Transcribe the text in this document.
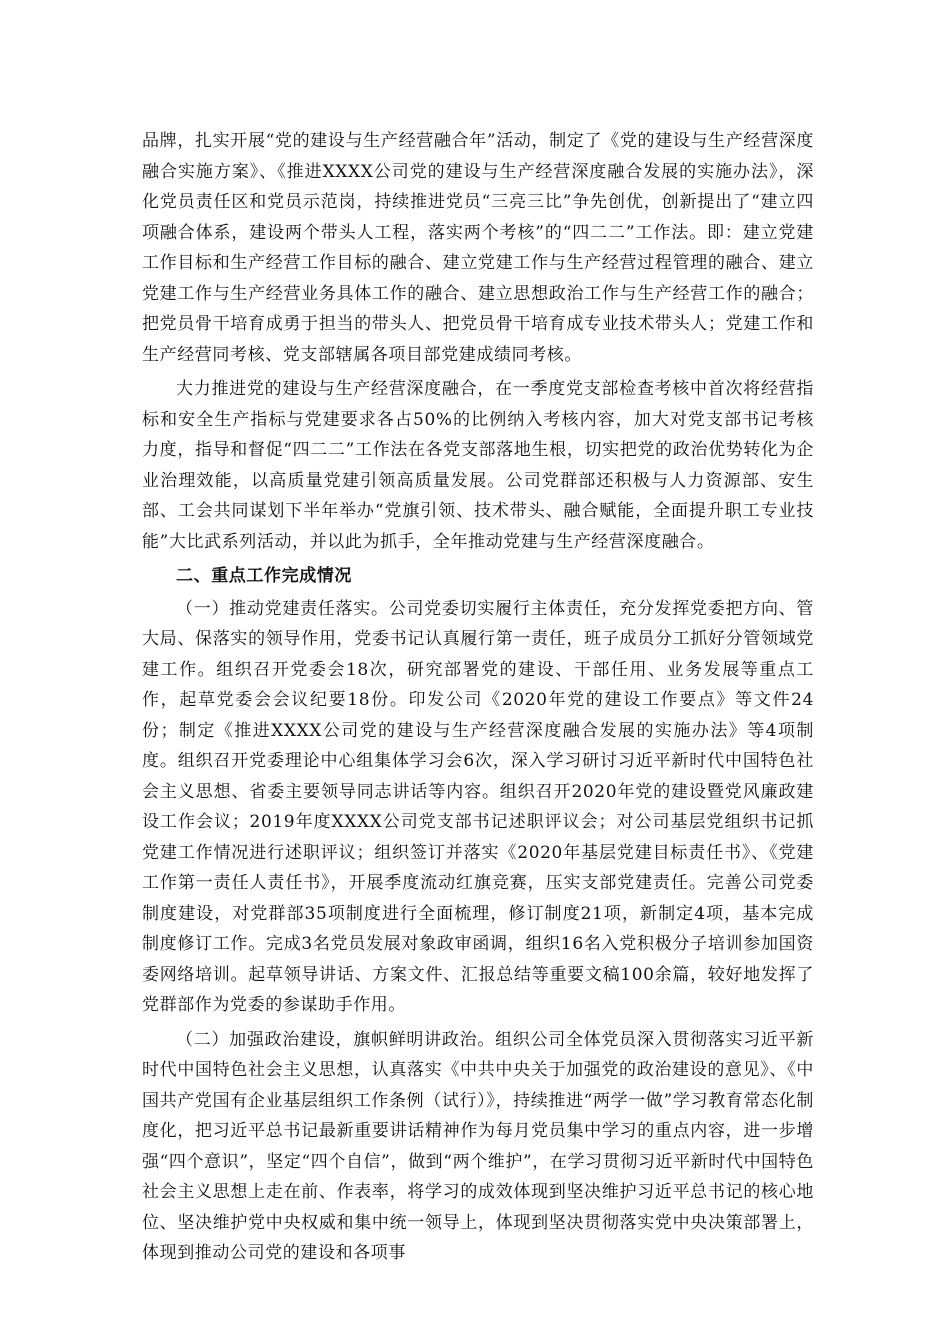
品牌，扎实开展“党的建设与生产经营融合年”活动，制定了《党的建设与生产经营深度融合实施方案》、《推进XXXX公司党的建设与生产经营深度融合发展的实施办法》，深化党员责任区和党员示范岗，持续推进党员“三亮三比”争先创优，创新提出了“建立四项融合体系，建设两个带头人工程，落实两个考核”的“四二二”工作法。即：建立党建工作目标和生产经营工作目标的融合、建立党建工作与生产经营过程管理的融合、建立党建工作与生产经营业务具体工作的融合、建立思想政治工作与生产经营工作的融合；把党员骨干培育成勇于担当的带头人、把党员骨干培育成专业技术带头人；党建工作和生产经营同考核、党支部辖属各项目部党建成绩同考核。

大力推进党的建设与生产经营深度融合，在一季度党支部检查考核中首次将经营指标和安全生产指标与党建要求各占50%的比例纳入考核内容，加大对党支部书记考核力度，指导和督促“四二二”工作法在各党支部落地生根，切实把党的政治优势转化为企业治理效能，以高质量党建引领高质量发展。公司党群部还积极与人力资源部、安生部、工会共同谋划下半年举办“党旗引领、技术带头、融合赋能，全面提升职工专业技能”大比武系列活动，并以此为抓手，全年推动党建与生产经营深度融合。

二、重点工作完成情况

（一）推动党建责任落实。公司党委切实履行主体责任，充分发挥党委把方向、管大局、保落实的领导作用，党委书记认真履行第一责任，班子成员分工抓好分管领域党建工作。组织召开党委会18次，研究部署党的建设、干部任用、业务发展等重点工作，起草党委会会议纪要18份。印发公司《2020年党的建设工作要点》等文件24份；制定《推进XXXX公司党的建设与生产经营深度融合发展的实施办法》等4项制度。组织召开党委理论中心组集体学习会6次，深入学习研讨习近平新时代中国特色社会主义思想、省委主要领导同志讲话等内容。组织召开2020年党的建设暨党风廉政建设工作会议；2019年度XXXX公司党支部书记述职评议会；对公司基层党组织书记抓党建工作情况进行述职评议；组织签订并落实《2020年基层党建目标责任书》、《党建工作第一责任人责任书》，开展季度流动红旗竞赛，压实支部党建责任。完善公司党委制度建设，对党群部35项制度进行全面梳理，修订制度21项，新制定4项，基本完成制度修订工作。完成3名党员发展对象政审函调，组织16名入党积极分子培训参加国资委网络培训。起草领导讲话、方案文件、汇报总结等重要文稿100余篇，较好地发挥了党群部作为党委的参谋助手作用。

（二）加强政治建设，旗帜鲜明讲政治。组织公司全体党员深入贯彻落实习近平新时代中国特色社会主义思想，认真落实《中共中央关于加强党的政治建设的意见》、《中国共产党国有企业基层组织工作条例（试行）》，持续推进“两学一做”学习教育常态化制度化，把习近平总书记最新重要讲话精神作为每月党员集中学习的重点内容，进一步增强“四个意识”，坚定“四个自信”，做到“两个维护”，在学习贯彻习近平新时代中国特色社会主义思想上走在前、作表率，将学习的成效体现到坚决维护习近平总书记的核心地位、坚决维护党中央权威和集中统一领导上，体现到坚决贯彻落实党中央决策部署上，体现到推动公司党的建设和各项事
